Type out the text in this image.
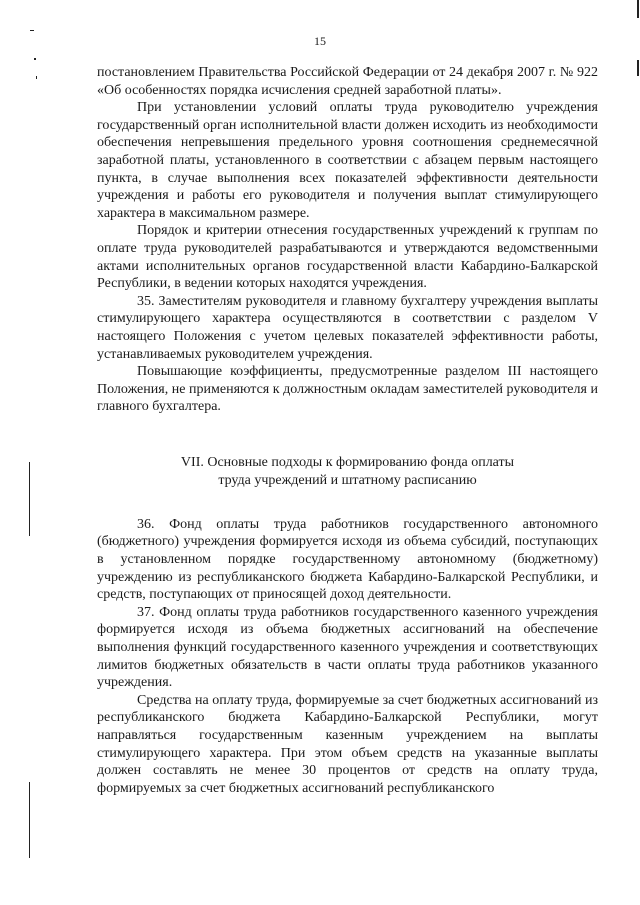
15

постановлением Правительства Российской Федерации от 24 декабря 2007 г. № 922 «Об особенностях порядка исчисления средней заработной платы».

При установлении условий оплаты труда руководителю учреждения государственный орган исполнительной власти должен исходить из необходимости обеспечения непревышения предельного уровня соотношения среднемесячной заработной платы, установленного в соответствии с абзацем первым настоящего пункта, в случае выполнения всех показателей эффективности деятельности учреждения и работы его руководителя и получения выплат стимулирующего характера в максимальном размере.

Порядок и критерии отнесения государственных учреждений к группам по оплате труда руководителей разрабатываются и утверждаются ведомственными актами исполнительных органов государственной власти Кабардино-Балкарской Республики, в ведении которых находятся учреждения.

35. Заместителям руководителя и главному бухгалтеру учреждения выплаты стимулирующего характера осуществляются в соответствии с разделом V настоящего Положения с учетом целевых показателей эффективности работы, устанавливаемых руководителем учреждения.

Повышающие коэффициенты, предусмотренные разделом III настоящего Положения, не применяются к должностным окладам заместителей руководителя и главного бухгалтера.

VII. Основные подходы к формированию фонда оплаты
труда учреждений и штатному расписанию

36. Фонд оплаты труда работников государственного автономного (бюджетного) учреждения формируется исходя из объема субсидий, поступающих в установленном порядке государственному автономному (бюджетному) учреждению из республиканского бюджета Кабардино-Балкарской Республики, и средств, поступающих от приносящей доход деятельности.

37. Фонд оплаты труда работников государственного казенного учреждения формируется исходя из объема бюджетных ассигнований на обеспечение выполнения функций государственного казенного учреждения и соответствующих лимитов бюджетных обязательств в части оплаты труда работников указанного учреждения.

Средства на оплату труда, формируемые за счет бюджетных ассигнований из республиканского бюджета Кабардино-Балкарской Республики, могут направляться государственным казенным учреждением на выплаты стимулирующего характера. При этом объем средств на указанные выплаты должен составлять не менее 30 процентов от средств на оплату труда, формируемых за счет бюджетных ассигнований республиканского
